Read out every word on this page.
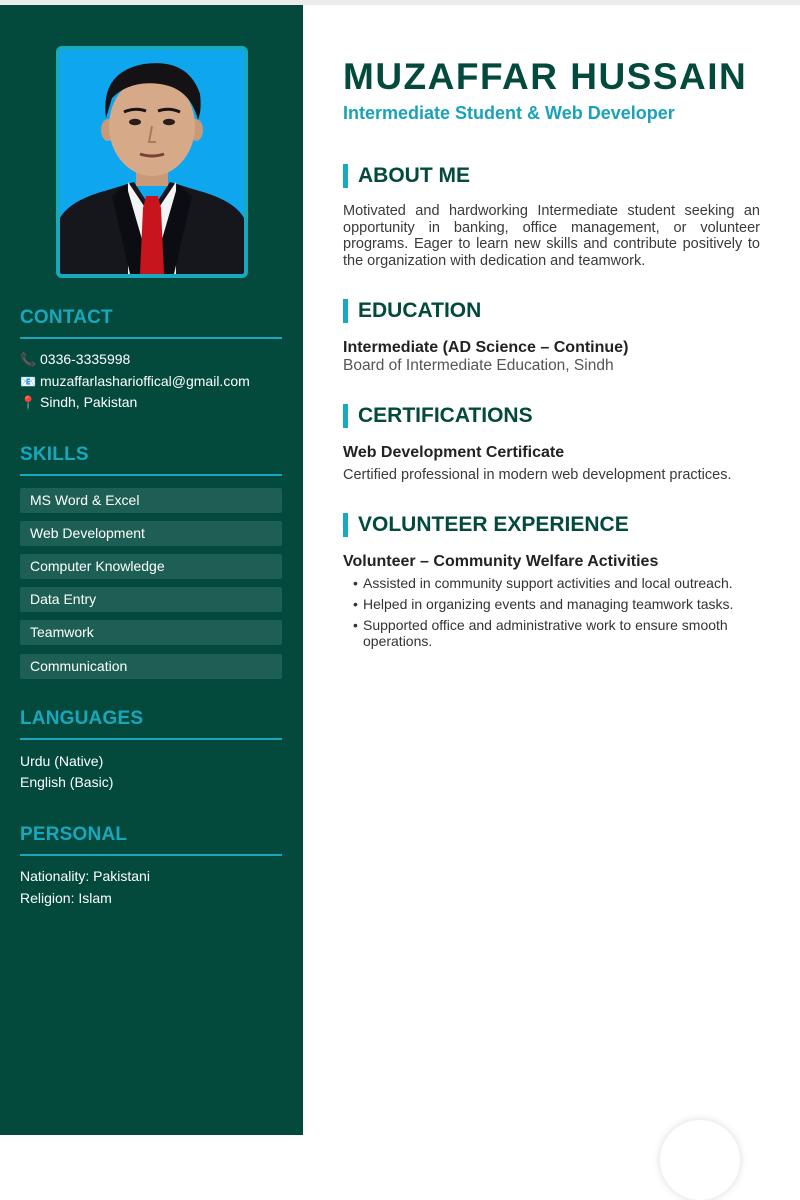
CONTACT
📞 0336-3335998
📧 muzaffarlasharioffical@gmail.com
📍 Sindh, Pakistan
SKILLS
MS Word & Excel
Web Development
Computer Knowledge
Data Entry
Teamwork
Communication
LANGUAGES
Urdu (Native)
English (Basic)
PERSONAL
Nationality: Pakistani
Religion: Islam
MUZAFFAR HUSSAIN
Intermediate Student & Web Developer
ABOUT ME
Motivated and hardworking Intermediate student seeking an opportunity in banking, office management, or volunteer programs. Eager to learn new skills and contribute positively to the organization with dedication and teamwork.
EDUCATION
Intermediate (AD Science – Continue)
Board of Intermediate Education, Sindh
CERTIFICATIONS
Web Development Certificate
Certified professional in modern web development practices.
VOLUNTEER EXPERIENCE
Volunteer – Community Welfare Activities
• Assisted in community support activities and local outreach.
• Helped in organizing events and managing teamwork tasks.
• Supported office and administrative work to ensure smooth operations.
